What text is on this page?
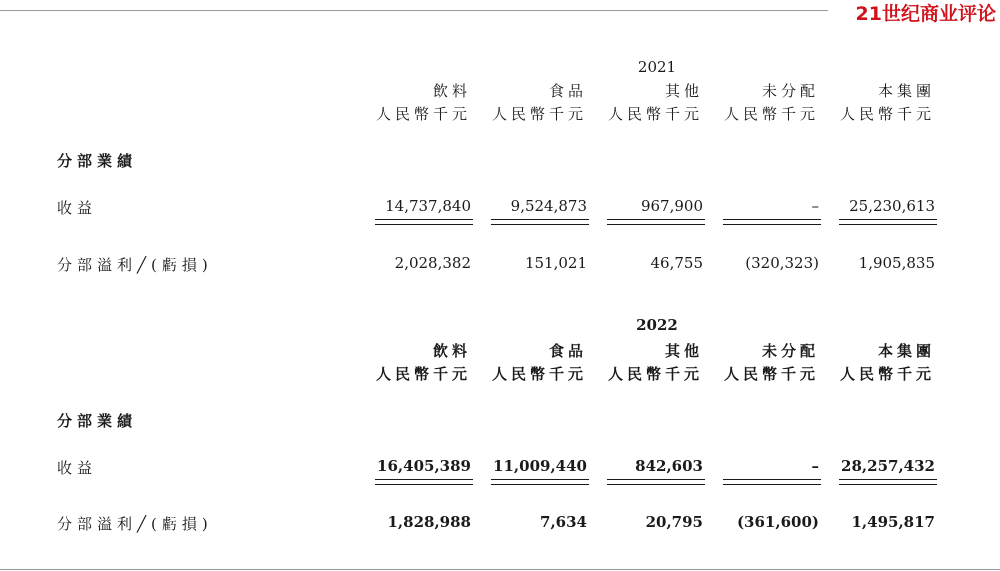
21世纪商业评论
2021
飲料	食品	其他	未分配	本集團
人民幣千元	人民幣千元	人民幣千元	人民幣千元	人民幣千元
分部業績
收益	14,737,840	9,524,873	967,900	–	25,230,613
分部溢利╱(虧損)	2,028,382	151,021	46,755	(320,323)	1,905,835
2022
飲料	食品	其他	未分配	本集團
人民幣千元	人民幣千元	人民幣千元	人民幣千元	人民幣千元
分部業績
收益	16,405,389	11,009,440	842,603	–	28,257,432
分部溢利╱(虧損)	1,828,988	7,634	20,795	(361,600)	1,495,817
